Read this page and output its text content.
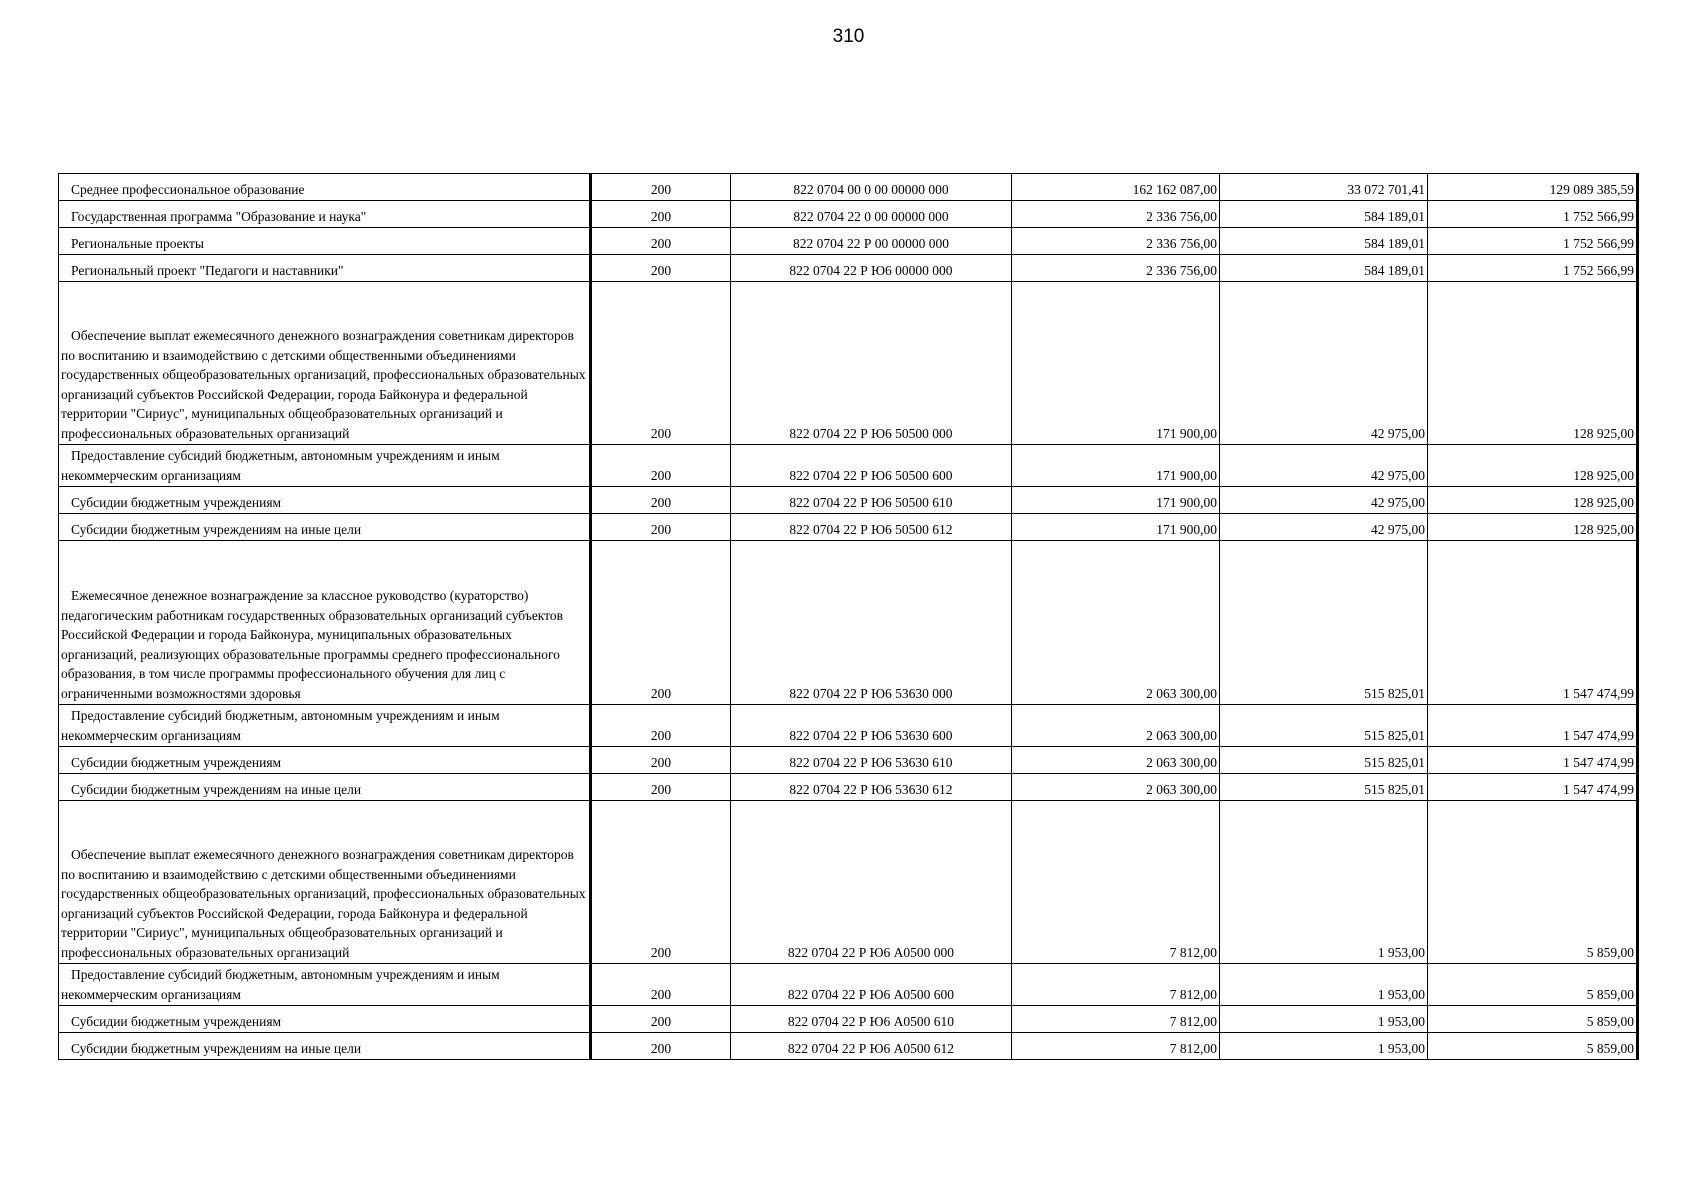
310
Среднее профессиональное образование	200	822 0704 00 0 00 00000 000	162 162 087,00	33 072 701,41	129 089 385,59

Государственная программа "Образование и наука"	200	822 0704 22 0 00 00000 000	2 336 756,00	584 189,01	1 752 566,99

Региональные проекты	200	822 0704 22 Р 00 00000 000	2 336 756,00	584 189,01	1 752 566,99

Региональный проект "Педагоги и наставники"	200	822 0704 22 Р Ю6 00000 000	2 336 756,00	584 189,01	1 752 566,99

Обеспечение выплат ежемесячного денежного вознаграждения советникам директоров по воспитанию и взаимодействию с детскими общественными объединениями государственных общеобразовательных организаций, профессиональных образовательных организаций субъектов Российской Федерации, города Байконура и федеральной территории "Сириус", муниципальных общеобразовательных организаций и профессиональных образовательных организаций	200	822 0704 22 Р Ю6 50500 000	171 900,00	42 975,00	128 925,00

Предоставление субсидий бюджетным, автономным учреждениям и иным некоммерческим организациям	200	822 0704 22 Р Ю6 50500 600	171 900,00	42 975,00	128 925,00

Субсидии бюджетным учреждениям	200	822 0704 22 Р Ю6 50500 610	171 900,00	42 975,00	128 925,00

Субсидии бюджетным учреждениям на иные цели	200	822 0704 22 Р Ю6 50500 612	171 900,00	42 975,00	128 925,00

Ежемесячное денежное вознаграждение за классное руководство (кураторство) педагогическим работникам государственных образовательных организаций субъектов Российской Федерации и города Байконура, муниципальных образовательных организаций, реализующих образовательные программы среднего профессионального образования, в том числе программы профессионального обучения для лиц с ограниченными возможностями здоровья	200	822 0704 22 Р Ю6 53630 000	2 063 300,00	515 825,01	1 547 474,99

Предоставление субсидий бюджетным, автономным учреждениям и иным некоммерческим организациям	200	822 0704 22 Р Ю6 53630 600	2 063 300,00	515 825,01	1 547 474,99

Субсидии бюджетным учреждениям	200	822 0704 22 Р Ю6 53630 610	2 063 300,00	515 825,01	1 547 474,99

Субсидии бюджетным учреждениям на иные цели	200	822 0704 22 Р Ю6 53630 612	2 063 300,00	515 825,01	1 547 474,99

Обеспечение выплат ежемесячного денежного вознаграждения советникам директоров по воспитанию и взаимодействию с детскими общественными объединениями государственных общеобразовательных организаций, профессиональных образовательных организаций субъектов Российской Федерации, города Байконура и федеральной территории "Сириус", муниципальных общеобразовательных организаций и профессиональных образовательных организаций	200	822 0704 22 Р Ю6 А0500 000	7 812,00	1 953,00	5 859,00

Предоставление субсидий бюджетным, автономным учреждениям и иным некоммерческим организациям	200	822 0704 22 Р Ю6 А0500 600	7 812,00	1 953,00	5 859,00

Субсидии бюджетным учреждениям	200	822 0704 22 Р Ю6 А0500 610	7 812,00	1 953,00	5 859,00

Субсидии бюджетным учреждениям на иные цели	200	822 0704 22 Р Ю6 А0500 612	7 812,00	1 953,00	5 859,00
